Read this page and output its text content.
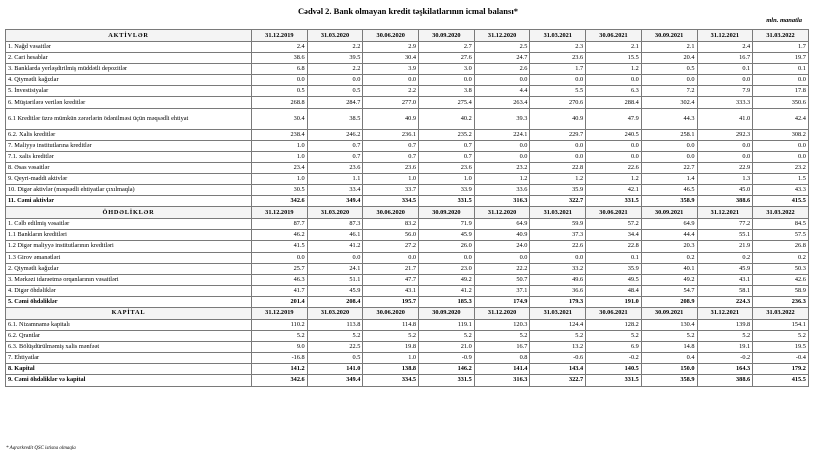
Cədvəl 2. Bank olmayan kredit təşkilatlarının icmal balansı*
mln. manatla
AKTİVLƏR	31.12.2019	31.03.2020	30.06.2020	30.09.2020	31.12.2020	31.03.2021	30.06.2021	30.09.2021	31.12.2021	31.03.2022
1. Nağd vəsaitlər	2.4	2.2	2.9	2.7	2.5	2.3	2.1	2.1	2.4	1.7
2. Cari hesablar	38.6	39.5	30.4	27.6	24.7	23.6	15.5	20.4	16.7	19.7
3. Banklarda yerləşdirilmiş müddətli depozitlər	6.8	2.2	3.9	3.0	2.6	1.7	1.2	0.5	0.1	0.1
4. Qiymətli kağızlar	0.0	0.0	0.0	0.0	0.0	0.0	0.0	0.0	0.0	0.0
5. İnvestisiyalar	0.5	0.5	2.2	3.8	4.4	5.5	6.3	7.2	7.9	17.8
6. Müştərilərə verilən kreditlər	268.8	284.7	277.0	275.4	263.4	270.6	288.4	302.4	333.3	350.6
6.1 Kreditlər üzrə mümkün zərərlərin ödənilməsi üçün məqsədli ehtiyat	30.4	38.5	40.9	40.2	39.3	40.9	47.9	44.3	41.0	42.4
6.2. Xalis kreditlər	238.4	246.2	236.1	235.2	224.1	229.7	240.5	258.1	292.3	308.2
7. Maliyyə institutlarına kreditlər	1.0	0.7	0.7	0.7	0.0	0.0	0.0	0.0	0.0	0.0
7.1. xalis kreditlər	1.0	0.7	0.7	0.7	0.0	0.0	0.0	0.0	0.0	0.0
8. Əsas vəsaitlər	23.4	23.6	23.6	23.6	23.2	22.8	22.6	22.7	22.9	23.2
9. Qeyri-maddi aktivlər	1.0	1.1	1.0	1.0	1.2	1.2	1.2	1.4	1.3	1.5
10. Digər aktivlər (məqsədli ehtiyatlar çıxılmaqla)	30.5	33.4	33.7	33.9	33.6	35.9	42.1	46.5	45.0	43.3
11. Cəmi aktivlər	342.6	349.4	334.5	331.5	316.3	322.7	331.5	358.9	388.6	415.5
ÖHDƏLİKLƏR	31.12.2019	31.03.2020	30.06.2020	30.09.2020	31.12.2020	31.03.2021	30.06.2021	30.09.2021	31.12.2021	31.03.2022
1. Cəlb edilmiş vəsaitlər	87.7	87.3	83.2	71.9	64.9	59.9	57.2	64.9	77.2	84.5
1.1 Bankların kreditləri	46.2	46.1	56.0	45.9	40.9	37.3	34.4	44.4	55.1	57.5
1.2 Digər maliyyə institutlarının kreditləri	41.5	41.2	27.2	26.0	24.0	22.6	22.8	20.3	21.9	26.8
1.3 Girov əmanətləri	0.0	0.0	0.0	0.0	0.0	0.0	0.1	0.2	0.2	0.2
2. Qiymətli kağızlar	25.7	24.1	21.7	23.0	22.2	33.2	35.9	40.1	45.9	50.3
3. Mərkəzi idarəetmə orqanlarının vəsaitləri	46.3	51.1	47.7	49.2	50.7	49.6	49.5	49.2	43.1	42.6
4. Digər öhdəliklər	41.7	45.9	43.1	41.2	37.1	36.6	48.4	54.7	58.1	58.9
5. Cəmi öhdəliklər	201.4	208.4	195.7	185.3	174.9	179.3	191.0	208.9	224.3	236.3
KAPİTAL	31.12.2019	31.03.2020	30.06.2020	30.09.2020	31.12.2020	31.03.2021	30.06.2021	30.09.2021	31.12.2021	31.03.2022
6.1. Nizamnamə kapitalı	110.2	113.8	114.8	119.1	120.3	124.4	128.2	130.4	139.8	154.1
6.2. Qrantlar	5.2	5.2	5.2	5.2	5.2	5.2	5.2	5.2	5.2	5.2
6.3. Bölüşdürülməmiş xalis mənfəət	9.0	22.5	19.8	21.0	16.7	13.2	6.9	14.8	19.1	19.5
7. Ehtiyatlar	-16.8	0.5	1.0	-0.9	0.8	-0.6	-0.2	0.4	-0.2	-0.4
8. Kapital	141.2	141.0	138.8	146.2	141.4	143.4	140.5	150.0	164.3	179.2
9. Cəmi öhdəliklər və kapital	342.6	349.4	334.5	331.5	316.3	322.7	331.5	358.9	388.6	415.5
* Aqrarkredit QSC istisna olmaqla
